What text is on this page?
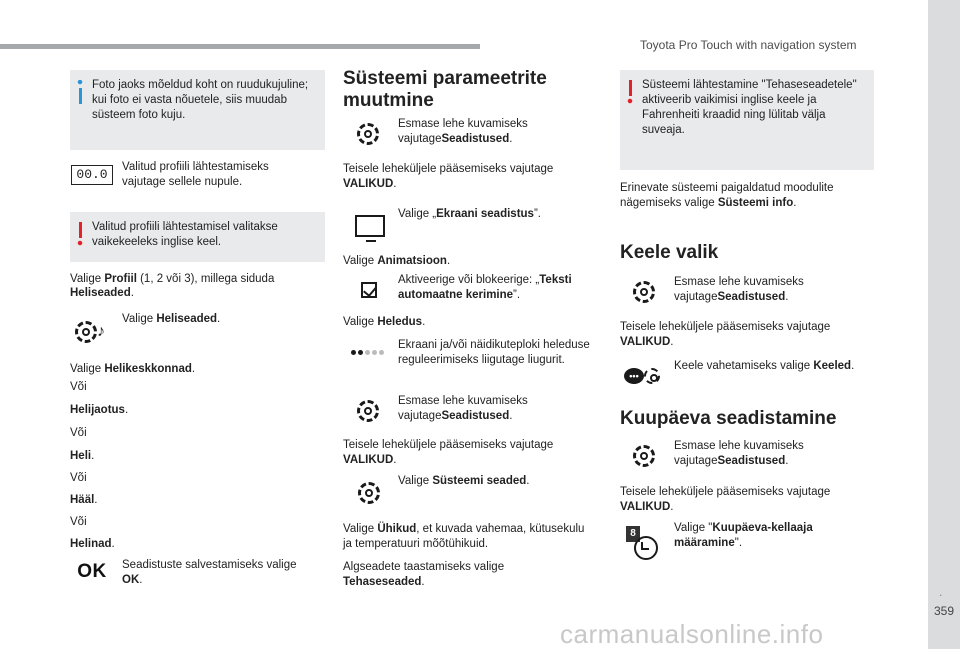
Toyota Pro Touch with navigation system
.
359
carmanualsonline.info
Foto jaoks mõeldud koht on ruudukujuline; kui foto ei vasta nõuetele, siis muudab süsteem foto kuju.
00.0	Valitud profiili lähtestamiseks vajutage sellele nupule.
Valitud profiili lähtestamisel valitakse vaikekeeleks inglise keel.
Valige Profiil (1, 2 või 3), millega siduda
Heliseaded.
♪
Valige Heliseaded.
Valige Helikeskkonnad.
Või
Helijaotus.
Või
Heli.
Või
Hääl.
Või
Helinad.
OK Seadistuste salvestamiseks valige
OK.
Süsteemi parameetrite muutmine
Esmase lehe kuvamiseks
vajutageSeadistused.
Teisele leheküljele pääsemiseks vajutage
VALIKUD.
Valige „Ekraani seadistus”.
Valige Animatsioon.
Aktiveerige või blokeerige: „Teksti automaatne kerimine”.
Valige Heledus.
Ekraani ja/või näidikuteploki heleduse reguleerimiseks liigutage liugurit.
Esmase lehe kuvamiseks
vajutageSeadistused.
Teisele leheküljele pääsemiseks vajutage
VALIKUD.
Valige Süsteemi seaded.
Valige Ühikud, et kuvada vahemaa, kütusekulu
ja temperatuuri mõõtühikuid.
Algseadete taastamiseks valige
Tehaseseaded.
Süsteemi lähtestamine "Tehaseseadetele" aktiveerib vaikimisi inglise keele ja Fahrenheiti kraadid ning lülitab välja suveaja.
Erinevate süsteemi paigaldatud moodulite
nägemiseks valige Süsteemi info.
Keele valik
Esmase lehe kuvamiseks
vajutageSeadistused.
Teisele leheküljele pääsemiseks vajutage
VALIKUD.
•••
Keele vahetamiseks valige Keeled.
Kuupäeva seadistamine
Esmase lehe kuvamiseks
vajutageSeadistused.
Teisele leheküljele pääsemiseks vajutage
VALIKUD.
8	Valige "Kuupäeva-kellaaja
määramine".
